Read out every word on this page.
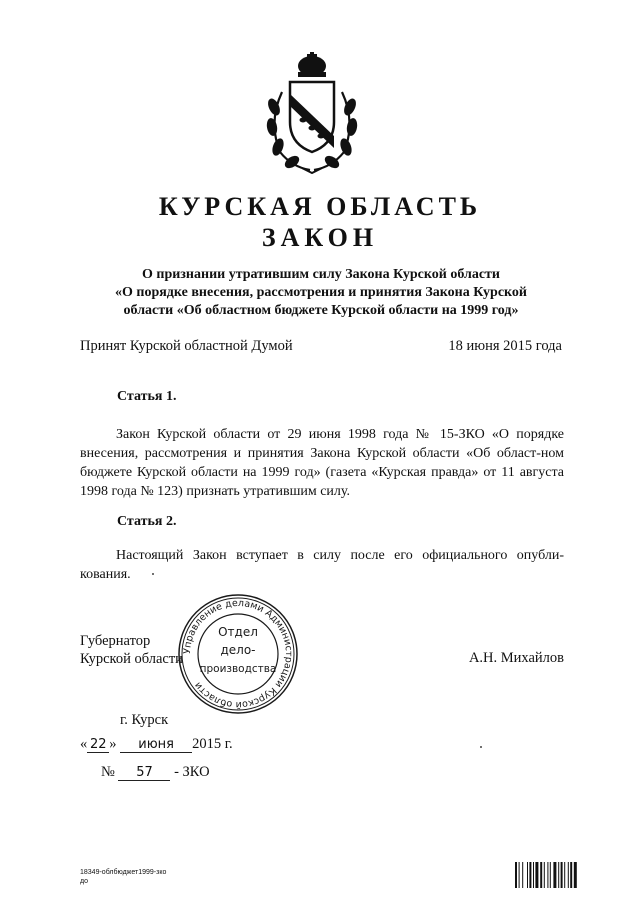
КУРСКАЯ ОБЛАСТЬ
ЗАКОН
О признании утратившим силу Закона Курской области
«О порядке внесения, рассмотрения и принятия Закона Курской
области «Об областном бюджете Курской области на 1999 год»
Принят Курской областной Думой	18 июня 2015 года
Статья 1.
Закон Курской области от 29 июня 1998 года № 15-ЗКО «О порядке внесения, рассмотрения и принятия Закона Курской области «Об област-ном бюджете Курской области на 1999 год» (газета «Курская правда» от 11 августа 1998 года № 123) признать утратившим силу.
Статья 2.
Настоящий Закон вступает в силу после его официального опубли-кования.
Губернатор
Курской области	А.Н. Михайлов
Управление делами Администрации Курской области
Отдел
дело-
производства
г. Курск
« 22 » июня 2015 г.
№ 57 - ЗКО
18349-облбюджет1999-зко
до
